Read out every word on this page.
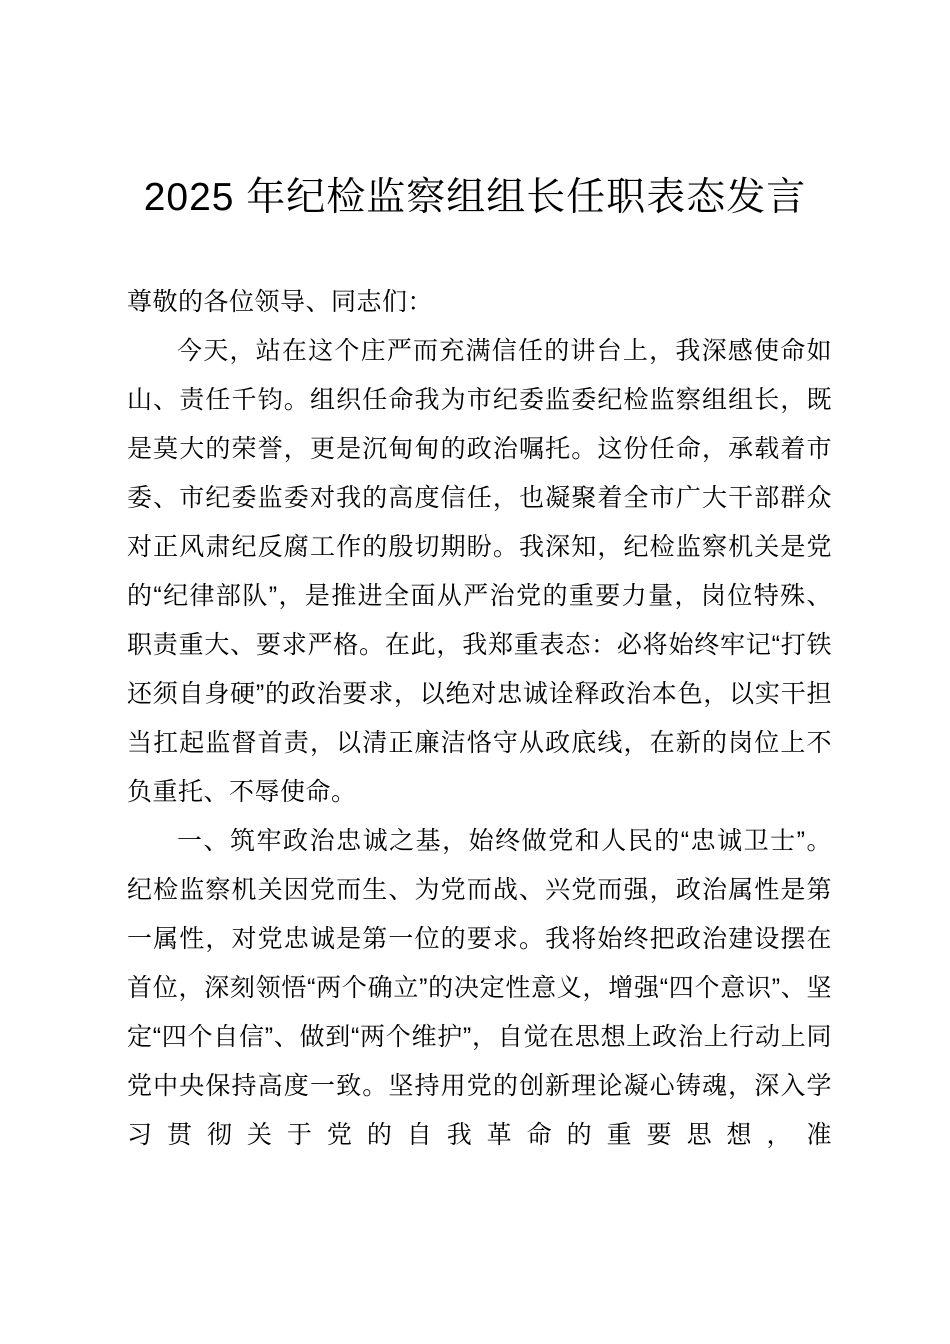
2025 年纪检监察组组长任职表态发言

尊敬的各位领导、同志们：

今天，站在这个庄严而充满信任的讲台上，我深感使命如山、责任千钧。组织任命我为市纪委监委纪检监察组组长，既是莫大的荣誉，更是沉甸甸的政治嘱托。这份任命，承载着市委、市纪委监委对我的高度信任，也凝聚着全市广大干部群众对正风肃纪反腐工作的殷切期盼。我深知，纪检监察机关是党的“纪律部队”，是推进全面从严治党的重要力量，岗位特殊、职责重大、要求严格。在此，我郑重表态：必将始终牢记“打铁还须自身硬”的政治要求，以绝对忠诚诠释政治本色，以实干担当扛起监督首责，以清正廉洁恪守从政底线，在新的岗位上不负重托、不辱使命。

一、筑牢政治忠诚之基，始终做党和人民的“忠诚卫士”。纪检监察机关因党而生、为党而战、兴党而强，政治属性是第一属性，对党忠诚是第一位的要求。我将始终把政治建设摆在首位，深刻领悟“两个确立”的决定性意义，增强“四个意识”、坚定“四个自信”、做到“两个维护”，自觉在思想上政治上行动上同党中央保持高度一致。坚持用党的创新理论凝心铸魂，深入学习贯彻关于党的自我革命的重要思想，准
